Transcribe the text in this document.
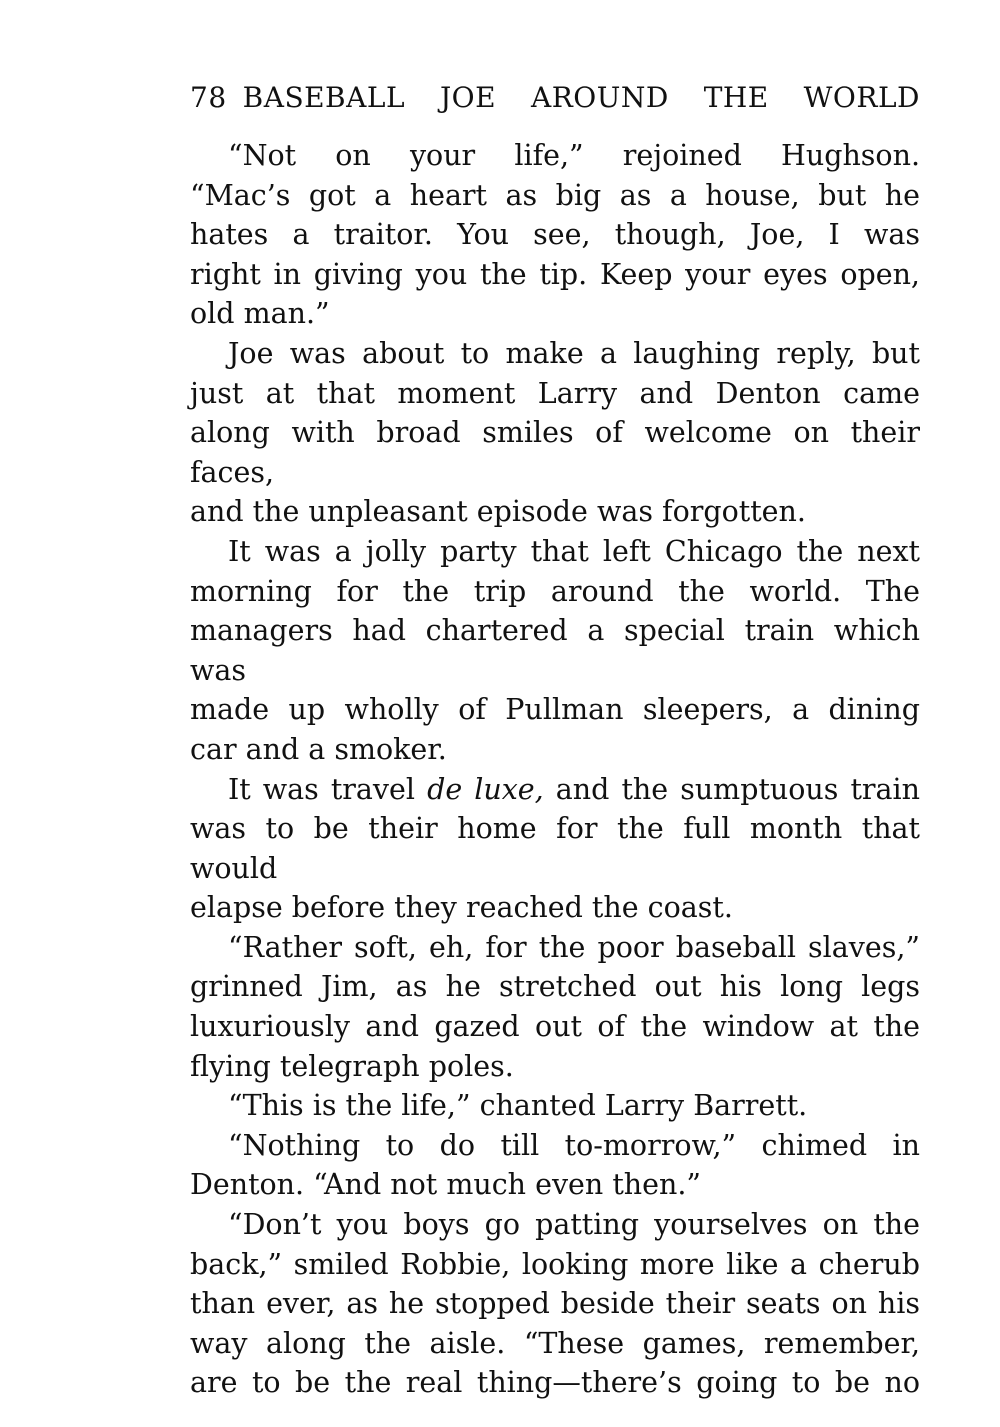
78 BASEBALL JOE AROUND THE WORLD
“Not on your life,” rejoined Hughson.
“Mac’s got a heart as big as a house, but he
hates a traitor. You see, though, Joe, I was
right in giving you the tip. Keep your eyes open,
old man.”
Joe was about to make a laughing reply, but
just at that moment Larry and Denton came
along with broad smiles of welcome on their faces,
and the unpleasant episode was forgotten.
It was a jolly party that left Chicago the next
morning for the trip around the world. The
managers had chartered a special train which was
made up wholly of Pullman sleepers, a dining
car and a smoker.
It was travel de luxe, and the sumptuous train
was to be their home for the full month that would
elapse before they reached the coast.
“Rather soft, eh, for the poor baseball slaves,”
grinned Jim, as he stretched out his long legs
luxuriously and gazed out of the window at the
flying telegraph poles.
“This is the life,” chanted Larry Barrett.
“Nothing to do till to-morrow,” chimed in
Denton. “And not much even then.”
“Don’t you boys go patting yourselves on the
back,” smiled Robbie, looking more like a cherub
than ever, as he stopped beside their seats on his
way along the aisle. “These games, remember,
are to be the real thing—there’s going to be no
